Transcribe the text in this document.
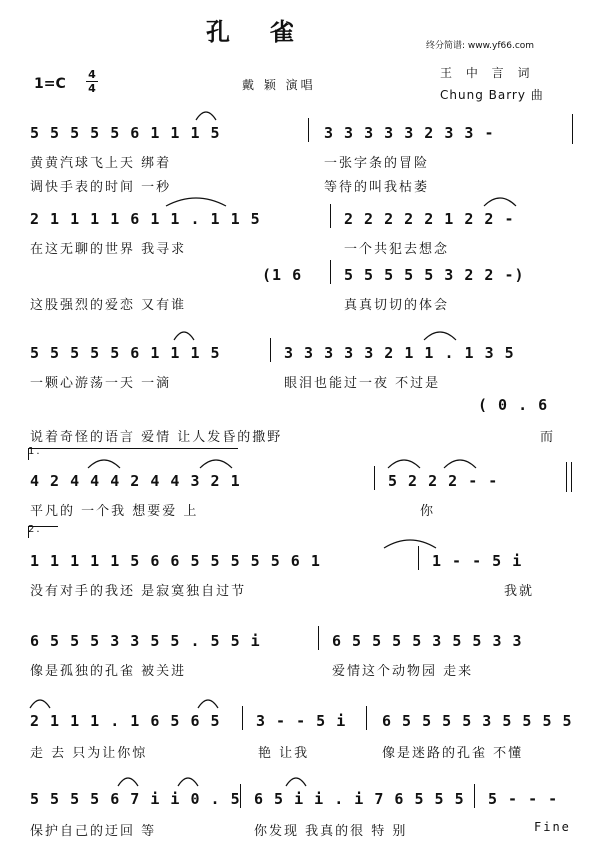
孔雀	终分简谱: www.yf66.com
1=C
4
4	戴 颖 演唱
王 中 言 词
Chung Barry 曲
5 5 5 5 5 6 1 1 1 5	3 3 3 3 3 2 3 3 -
黄黄汽球飞上天 绑着
调快手表的时间 一秒
一张字条的冒险
等待的叫我枯萎
2 1 1 1 1 6 1 1 . 1 1 5	2 2 2 2 2 1 2 2 -
在这无聊的世界 我寻求	一个共犯去想念
(1 6	5 5 5 5 5 3 2 2 -)
这股强烈的爱恋 又有谁	真真切切的体会
5 5 5 5 5 6 1 1 1 5	3 3 3 3 3 2 1 1 . 1 3 5
一颗心游荡一天 一滴	眼泪也能过一夜 不过是
( 0 . 6
说着奇怪的语言 爱情 让人发昏的撒野	而
1.
4 2 4 4 4 2 4 4 3 2 1	5 2 2 2 - -
平凡的 一个我 想要爱 上	你
2.
1 1 1 1 1 5 6 6 5 5 5 5 5 6 1	1 - - 5 i
没有对手的我还 是寂寞独自过节	我就
6 5 5 5 3 3 5 5 . 5 5 i	6 5 5 5 5 3 5 5 3 3
像是孤独的孔雀 被关进	爱情这个动物园 走来
2 1 1 1 . 1 6 5 6 5 3 - - 5 i 6 5 5 5 5 3 5 5 5 5
走 去 只为让你惊	艳 让我	像是迷路的孔雀 不懂
5 5 5 5 6 7 i i 0 . 5 6 5 i i . i 7 6 5 5 5 5 - - -
保护自己的迂回 等	你发现 我真的很 特 别	Fine
